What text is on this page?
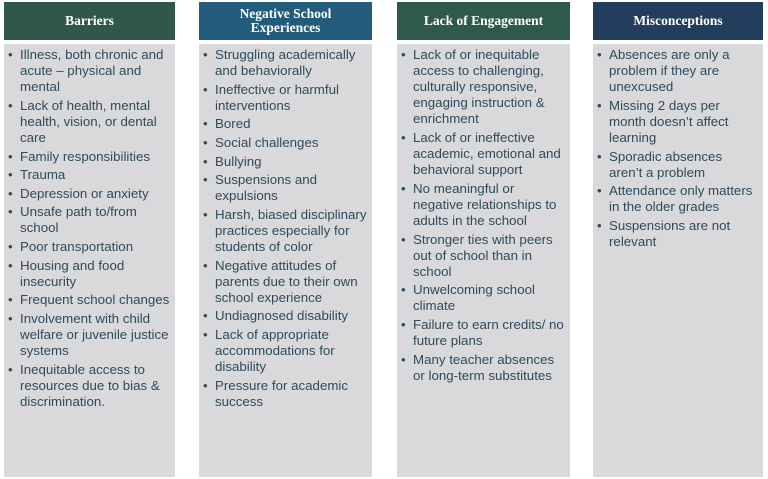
Barriers
• Illness, both chronic and acute – physical and mental
• Lack of health, mental health, vision, or dental care
• Family responsibilities
• Trauma
• Depression or anxiety
• Unsafe path to/from school
• Poor transportation
• Housing and food insecurity
• Frequent school changes
• Involvement with child welfare or juvenile justice systems
• Inequitable access to resources due to bias & discrimination.
Negative School Experiences
• Struggling academically and behaviorally
• Ineffective or harmful interventions
• Bored
• Social challenges
• Bullying
• Suspensions and expulsions
• Harsh, biased disciplinary practices especially for students of color
• Negative attitudes of parents due to their own school experience
• Undiagnosed disability
• Lack of appropriate accommodations for disability
• Pressure for academic success
Lack of Engagement
• Lack of or inequitable access to challenging, culturally responsive, engaging instruction & enrichment
• Lack of or ineffective academic, emotional and behavioral support
• No meaningful or negative relationships to adults in the school
• Stronger ties with peers out of school than in school
• Unwelcoming school climate
• Failure to earn credits/ no future plans
• Many teacher absences or long-term substitutes
Misconceptions
• Absences are only a problem if they are unexcused
• Missing 2 days per month doesn’t affect learning
• Sporadic absences aren’t a problem
• Attendance only matters in the older grades
• Suspensions are not relevant
